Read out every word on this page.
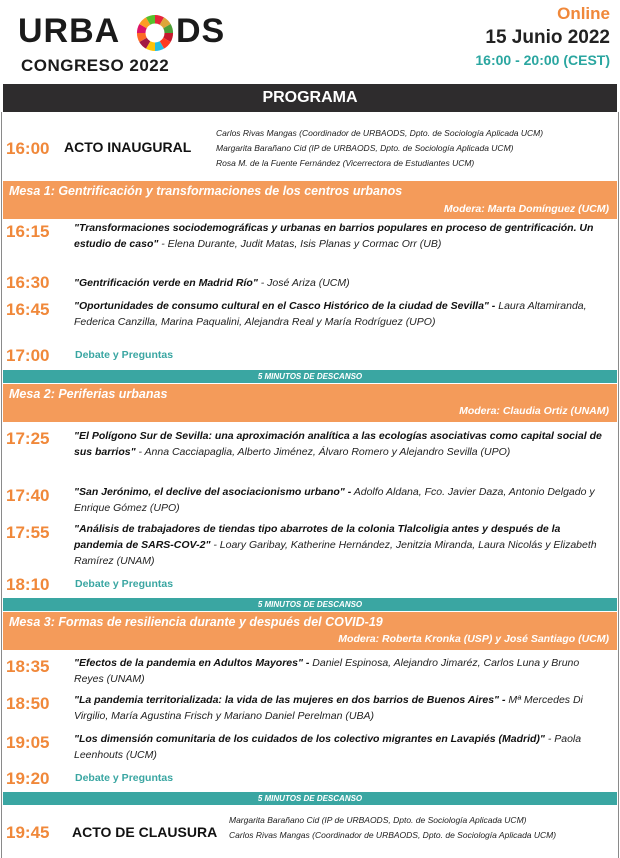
URBA DS
CONGRESO 2022
Online
15 Junio 2022
16:00 - 20:00 (CEST)
PROGRAMA
16:00 ACTO INAUGURAL
Carlos Rivas Mangas (Coordinador de URBAODS, Dpto. de Sociología Aplicada UCM)
Margarita Barañano Cid (IP de URBAODS, Dpto. de Sociología Aplicada UCM)
Rosa M. de la Fuente Fernández (Vicerrectora de Estudiantes UCM)
Mesa 1: Gentrificación y transformaciones de los centros urbanos
Modera: Marta Domínguez (UCM)
16:15 "Transformaciones sociodemográficas y urbanas en barrios populares en proceso de gentrificación. Un estudio de caso" - Elena Durante, Judit Matas, Isis Planas y Cormac Orr (UB)
16:30 "Gentrificación verde en Madrid Río" - José Ariza (UCM)
16:45 "Oportunidades de consumo cultural en el Casco Histórico de la ciudad de Sevilla" - Laura Altamiranda, Federica Canzilla, Marina Paqualini, Alejandra Real y María Rodríguez (UPO)
17:00 Debate y Preguntas
5 MINUTOS DE DESCANSO
Mesa 2: Periferias urbanas
Modera: Claudia Ortiz (UNAM)
17:25 "El Polígono Sur de Sevilla: una aproximación analítica a las ecologías asociativas como capital social de sus barrios" - Anna Cacciapaglia, Alberto Jiménez, Álvaro Romero y Alejandro Sevilla (UPO)
17:40 "San Jerónimo, el declive del asociacionismo urbano" - Adolfo Aldana, Fco. Javier Daza, Antonio Delgado y Enrique Gómez (UPO)
17:55 "Análisis de trabajadores de tiendas tipo abarrotes de la colonia Tlalcoligia antes y después de la pandemia de SARS-COV-2" - Loary Garibay, Katherine Hernández, Jenitzia Miranda, Laura Nicolás y Elizabeth Ramírez (UNAM)
18:10 Debate y Preguntas
5 MINUTOS DE DESCANSO
Mesa 3: Formas de resiliencia durante y después del COVID-19
Modera: Roberta Kronka (USP) y José Santiago (UCM)
18:35 "Efectos de la pandemia en Adultos Mayores" - Daniel Espinosa, Alejandro Jimaréz, Carlos Luna y Bruno Reyes (UNAM)
18:50 "La pandemia territorializada: la vida de las mujeres en dos barrios de Buenos Aires" - Mª Mercedes Di Virgilio, María Agustina Frisch y Mariano Daniel Perelman (UBA)
19:05 "Los dimensión comunitaria de los cuidados de los colectivo migrantes en Lavapiés (Madrid)" - Paola Leenhouts (UCM)
19:20 Debate y Preguntas
5 MINUTOS DE DESCANSO
19:45 ACTO DE CLAUSURA
Margarita Barañano Cid (IP de URBAODS, Dpto. de Sociología Aplicada UCM)
Carlos Rivas Mangas (Coordinador de URBAODS, Dpto. de Sociología Aplicada UCM)
